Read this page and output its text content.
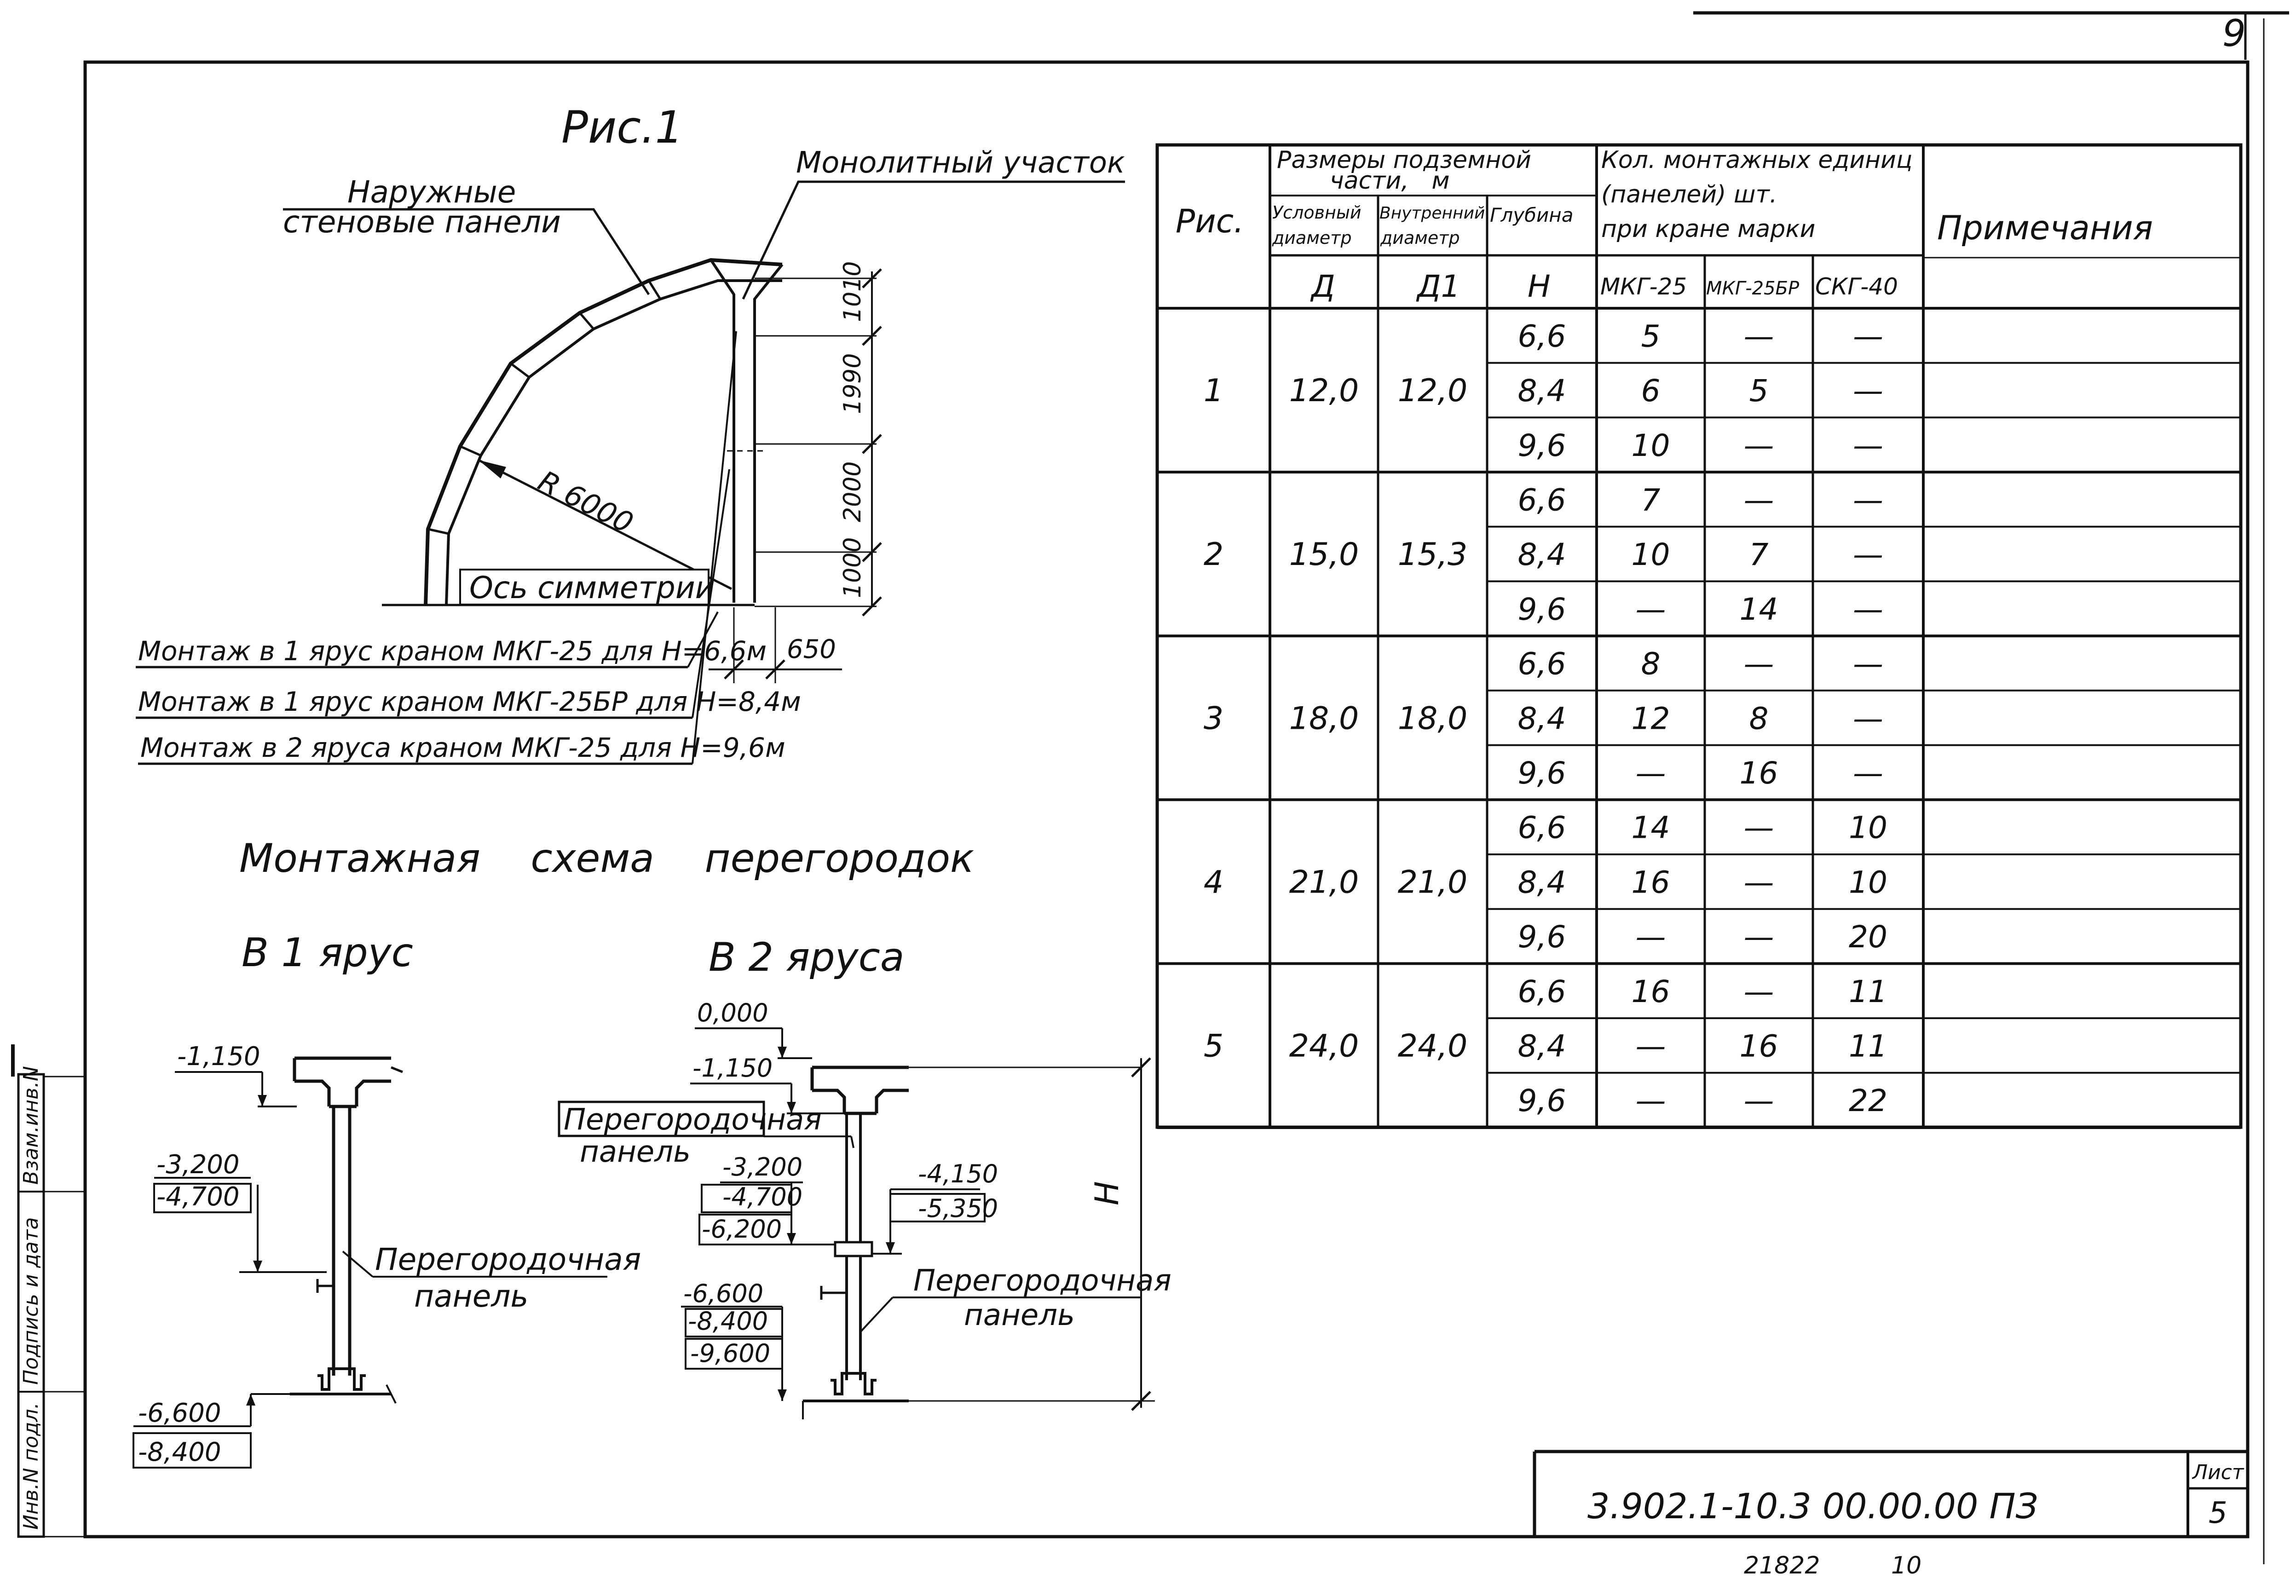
9
Рис.1
Наружные
стеновые панели
Монолитный участок
R 6000
Ось симметрии
1010
1990
2000
1000
650
Монтаж в 1 ярус краном МКГ-25 для Н=6,6м
Монтаж в 1 ярус краном МКГ-25БР для Н=8,4м
Монтаж в 2 яруса краном МКГ-25 для Н=9,6м
Монтажная    схема    перегородок
В 1 ярус	В 2 яруса
-1,150
-3,200
-4,700
Перегородочная
панель
-6,600
-8,400
Н
0,000
-1,150
Перегородочная
панель -3,200
-4,700
-6,200
-4,150
-5,350
-6,600
-8,400
-9,600
Перегородочная
панель
Рис.
Размеры подземной
части,   м
Условный
диаметр
Внутренний
диаметр
Глубина
Кол. монтажных единиц
(панелей) шт.
при кране марки	Примечания
Д	Д1 Н МКГ-25 МКГ-25БР СКГ-40
1 12,0 12,0
6,6 5	—	—
8,4 6	5	—
9,6 10 —	—
2 15,0 15,3
6,6 7	—	—
8,4 10	7	—
9,6 — 14 —
3 18,0 18,0
6,6 8	—	—
8,4 12	8	—
9,6 — 16 —
4 21,0 21,0
6,6 14 — 10
8,4 16 — 10
9,6 —	— 20
5 24,0 24,0
6,6 16 — 11
8,4 — 16 11
9,6 —	— 22
Инв.N подл.
Подпись и дата
Взам.инв.N
3.902.1-10.3 00.00.00 ПЗ
Лист
5
21822	10
